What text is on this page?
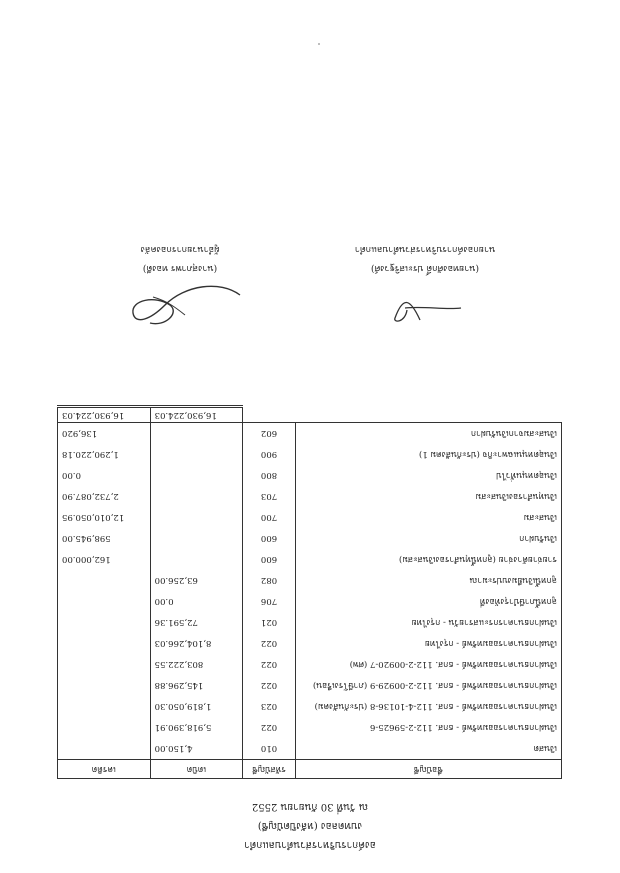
องค์การบริหารส่วนตำบลแกดำ
งบทดลอง (หลังปิดบัญชี)
ณ วันที่ 30 กันยายน 2552
ชื่อบัญชี	รหัสบัญชี	เดบิต	เครดิต
เงินสด	010	4,150.00	
เงินฝากธนาคารออมทรัพย์ - ธกส. 112-2-59625-6	022	5,918,390.91	
เงินฝากธนาคารออมทรัพย์ - ธกส. 112-4-10136-8 (ประกันสังคม)	023	1,819,050.30	
เงินฝากธนาคารออมทรัพย์ - ธกส. 112-2-00929-9 (ภาษีโรงเรือน)	022	145,296.88	
เงินฝากธนาคารออมทรัพย์ - ธกส. 112-2-00920-7 (ศพ)	022	803,222.55	
เงินฝากธนาคารออมทรัพย์ - กรุงไทย	022	8,104,266.03	
เงินฝากธนาคารกระแสรายวัน - กรุงไทย	021	72,591.36	
ลูกหนี้ภาษีบำรุงท้องที่	706	0.00	
ลูกหนี้เงินยืมงบประมาณ	082	63,256.00	
รายจ่ายค้างจ่าย (ลูกหนี้ทุนสำรองเงินสะสม)	600		162,000.00
เงินรับฝาก	600		598,945.00
เงินสะสม	700		12,010,050.95
เงินทุนสำรองเงินสะสม	703		2,732,087.90
เงินอุดหนุนทั่วไป	800		0.00
เงินอุดหนุนเฉพาะกิจ (ประกันสังคม 1)	900		1,290,220.18
เงินสะสมจากเงินรับฝาก	602		136,920
		16,930,224.03	16,930,224.03
(นางสุภาพร ทองดี)
ผู้อำนวยการกองคลัง
(นายทองศักดิ์ ประเสริฐวงศ์)
นายกองค์การบริหารส่วนตำบลแกดำ
